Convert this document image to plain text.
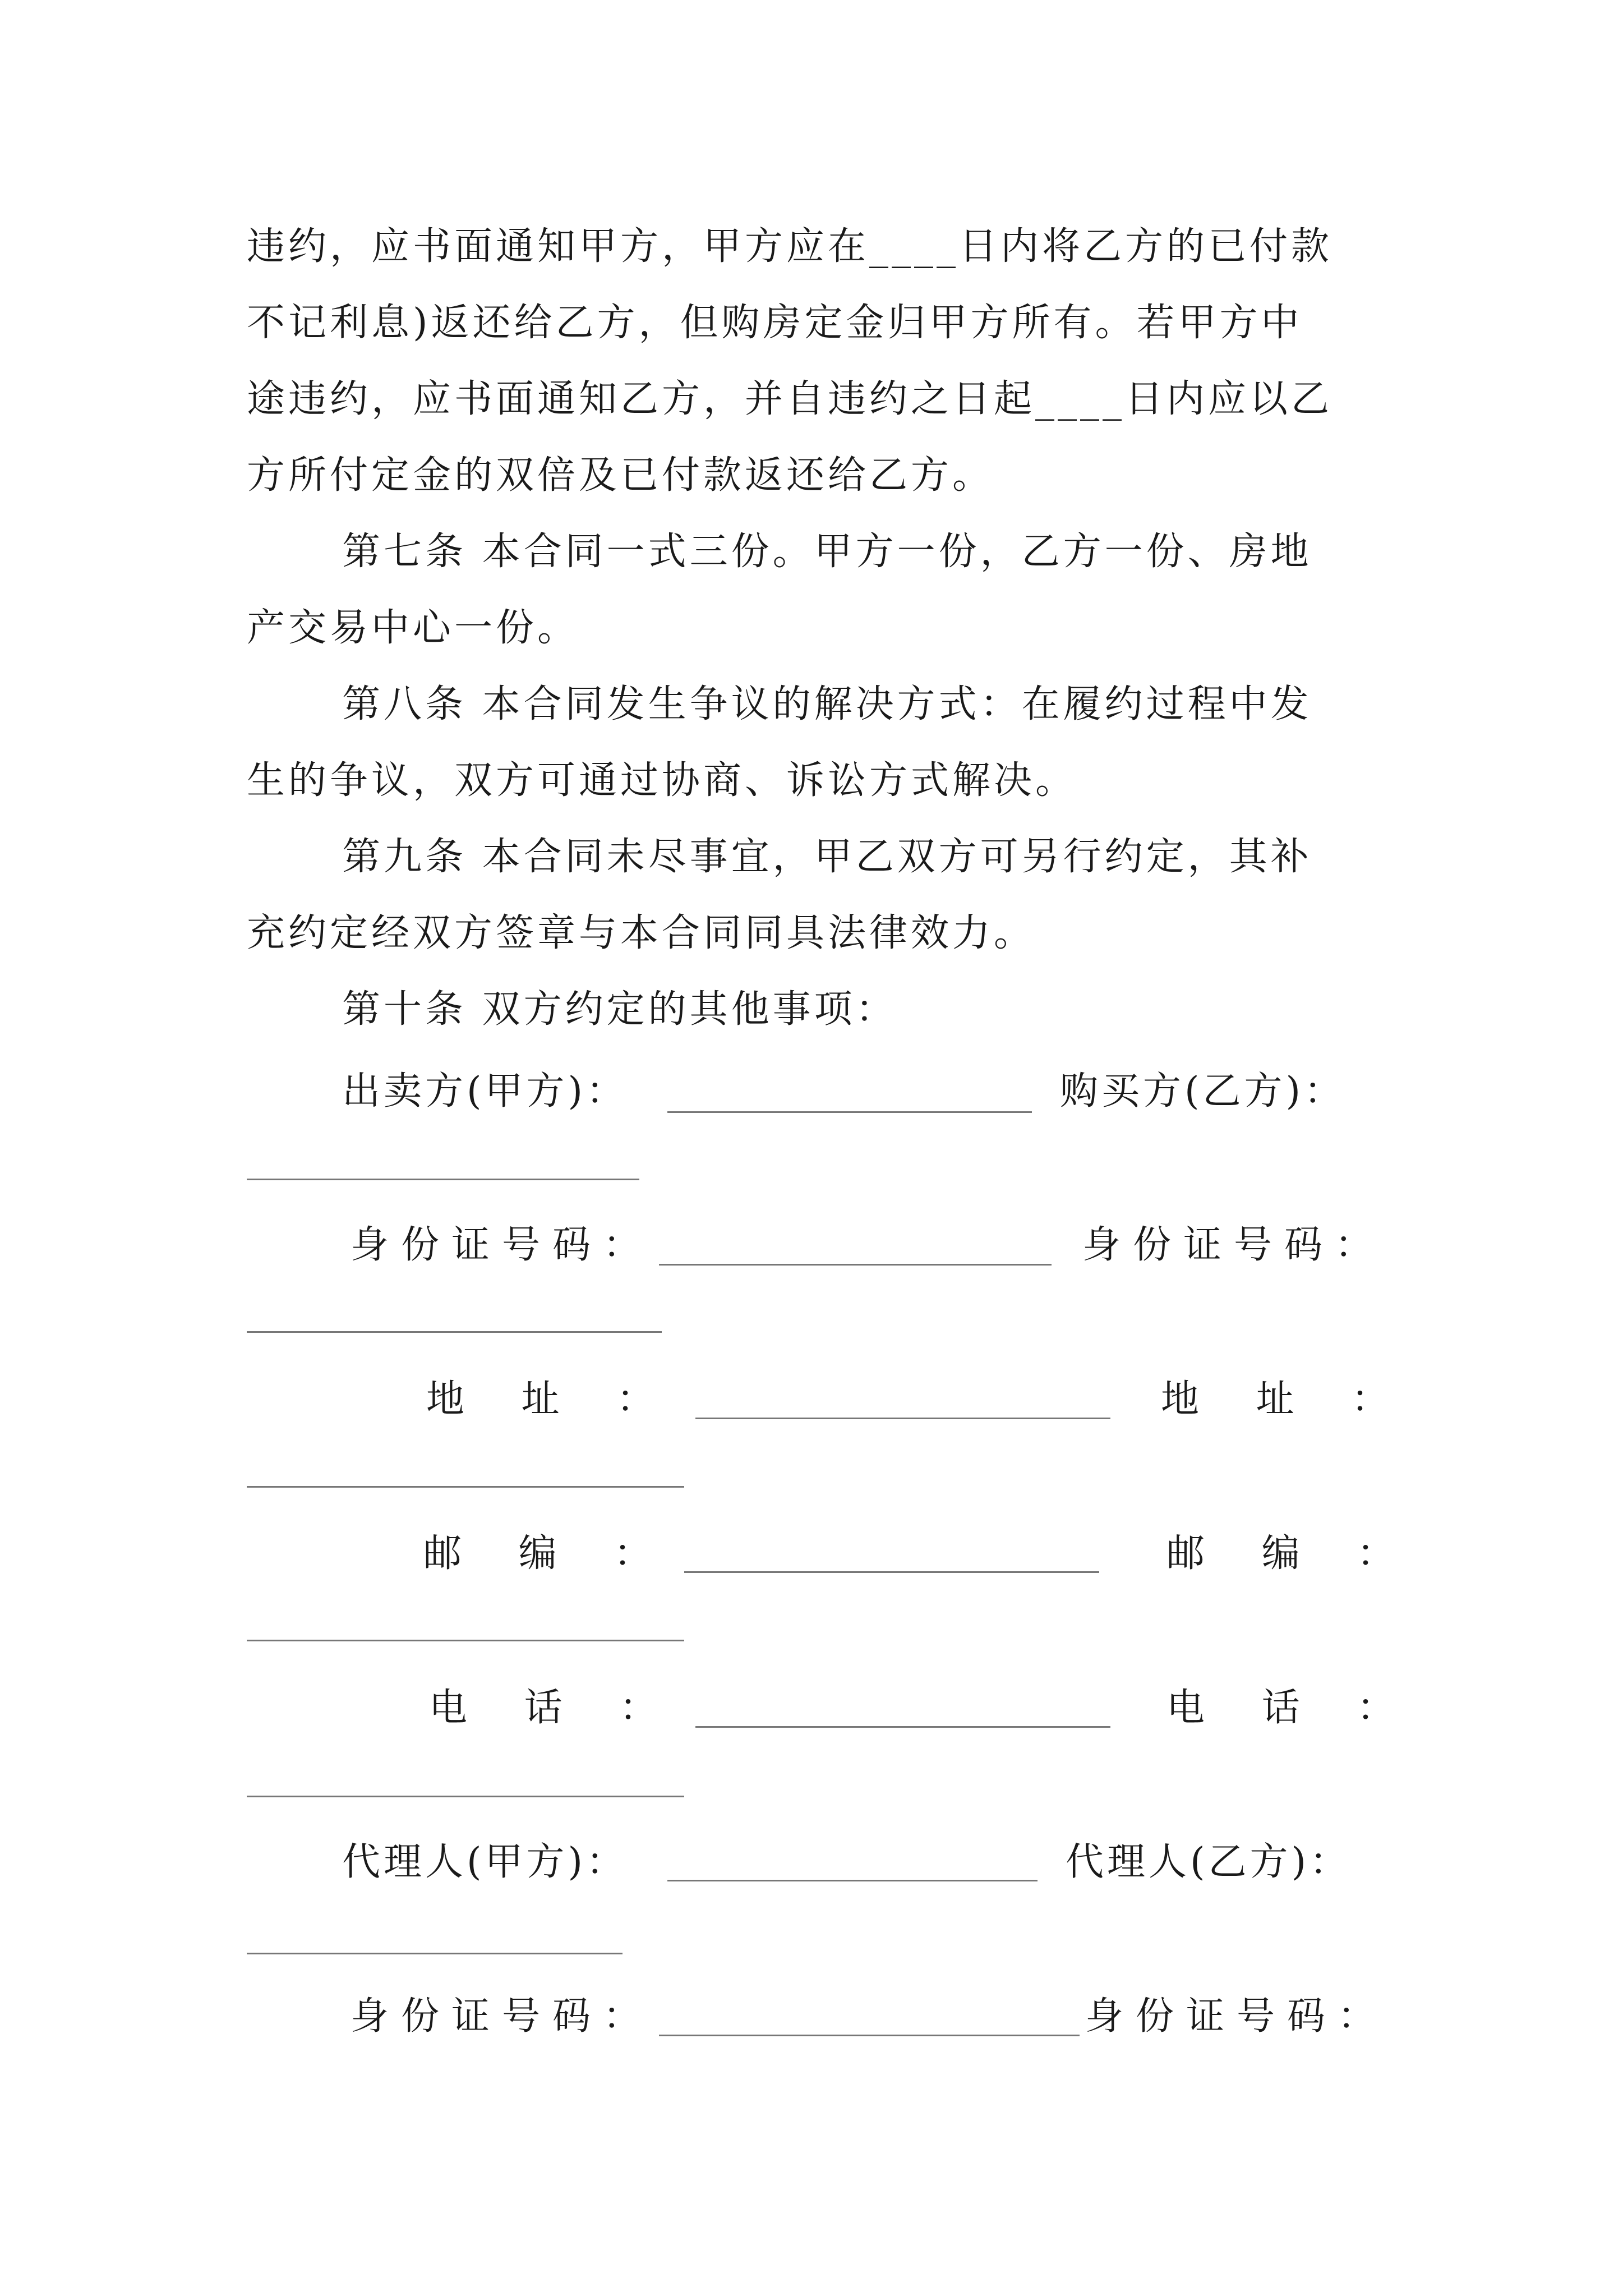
违约，应书面通知甲方，甲方应在____日内将乙方的已付款
不记利息)返还给乙方，但购房定金归甲方所有。若甲方中
途违约，应书面通知乙方，并自违约之日起____日内应以乙
方所付定金的双倍及已付款返还给乙方。
第七条 本合同一式三份。甲方一份，乙方一份、房地
产交易中心一份。
第八条 本合同发生争议的解决方式：在履约过程中发
生的争议，双方可通过协商、诉讼方式解决。
第九条 本合同未尽事宜，甲乙双方可另行约定，其补
充约定经双方签章与本合同同具法律效力。
第十条 双方约定的其他事项：
出卖方(甲方)：	购买方(乙方)：
身份证号码：	身份证号码：
地 址 ：	地 址 ：
邮 编 ：	邮 编 ：
电 话 ：	电 话 ：
代理人(甲方)：	代理人(乙方)：
身份证号码：	身份证号码：
